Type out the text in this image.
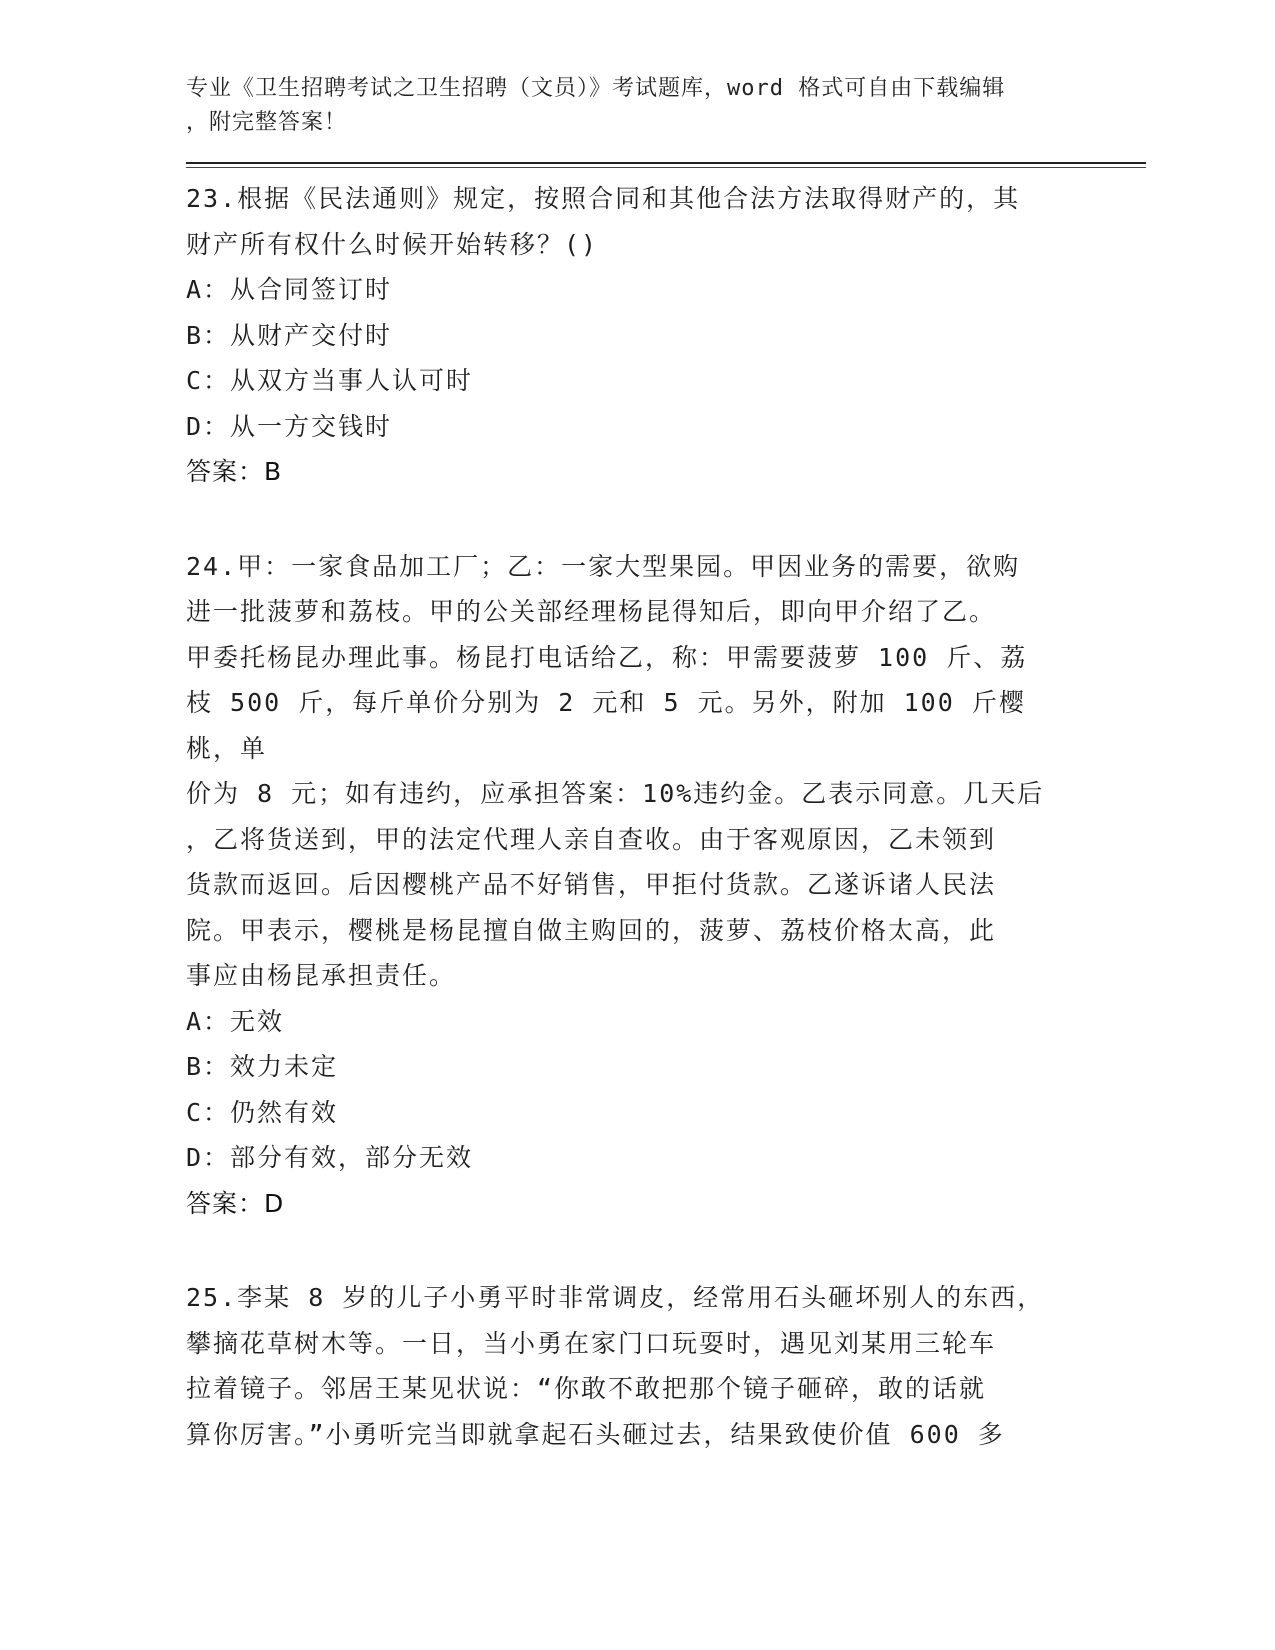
专业《卫生招聘考试之卫生招聘（文员）》考试题库，word 格式可自由下载编辑
，附完整答案！
23.根据《民法通则》规定，按照合同和其他合法方法取得财产的，其
财产所有权什么时候开始转移？()
A：从合同签订时
B：从财产交付时
C：从双方当事人认可时
D：从一方交钱时
答案：B
24.甲：一家食品加工厂；乙：一家大型果园。甲因业务的需要，欲购
进一批菠萝和荔枝。甲的公关部经理杨昆得知后，即向甲介绍了乙。
甲委托杨昆办理此事。杨昆打电话给乙，称：甲需要菠萝 100 斤、荔
枝 500 斤，每斤单价分别为 2 元和 5 元。另外，附加 100 斤樱桃，单
价为 8 元；如有违约，应承担答案：10%违约金。乙表示同意。几天后
，乙将货送到，甲的法定代理人亲自查收。由于客观原因，乙未领到
货款而返回。后因樱桃产品不好销售，甲拒付货款。乙遂诉诸人民法
院。甲表示，樱桃是杨昆擅自做主购回的，菠萝、荔枝价格太高，此
事应由杨昆承担责任。
A：无效
B：效力未定
C：仍然有效
D：部分有效，部分无效
答案：D
25.李某 8 岁的儿子小勇平时非常调皮，经常用石头砸坏别人的东西，
攀摘花草树木等。一日，当小勇在家门口玩耍时，遇见刘某用三轮车
拉着镜子。邻居王某见状说：“你敢不敢把那个镜子砸碎，敢的话就
算你厉害。”小勇听完当即就拿起石头砸过去，结果致使价值 600 多
